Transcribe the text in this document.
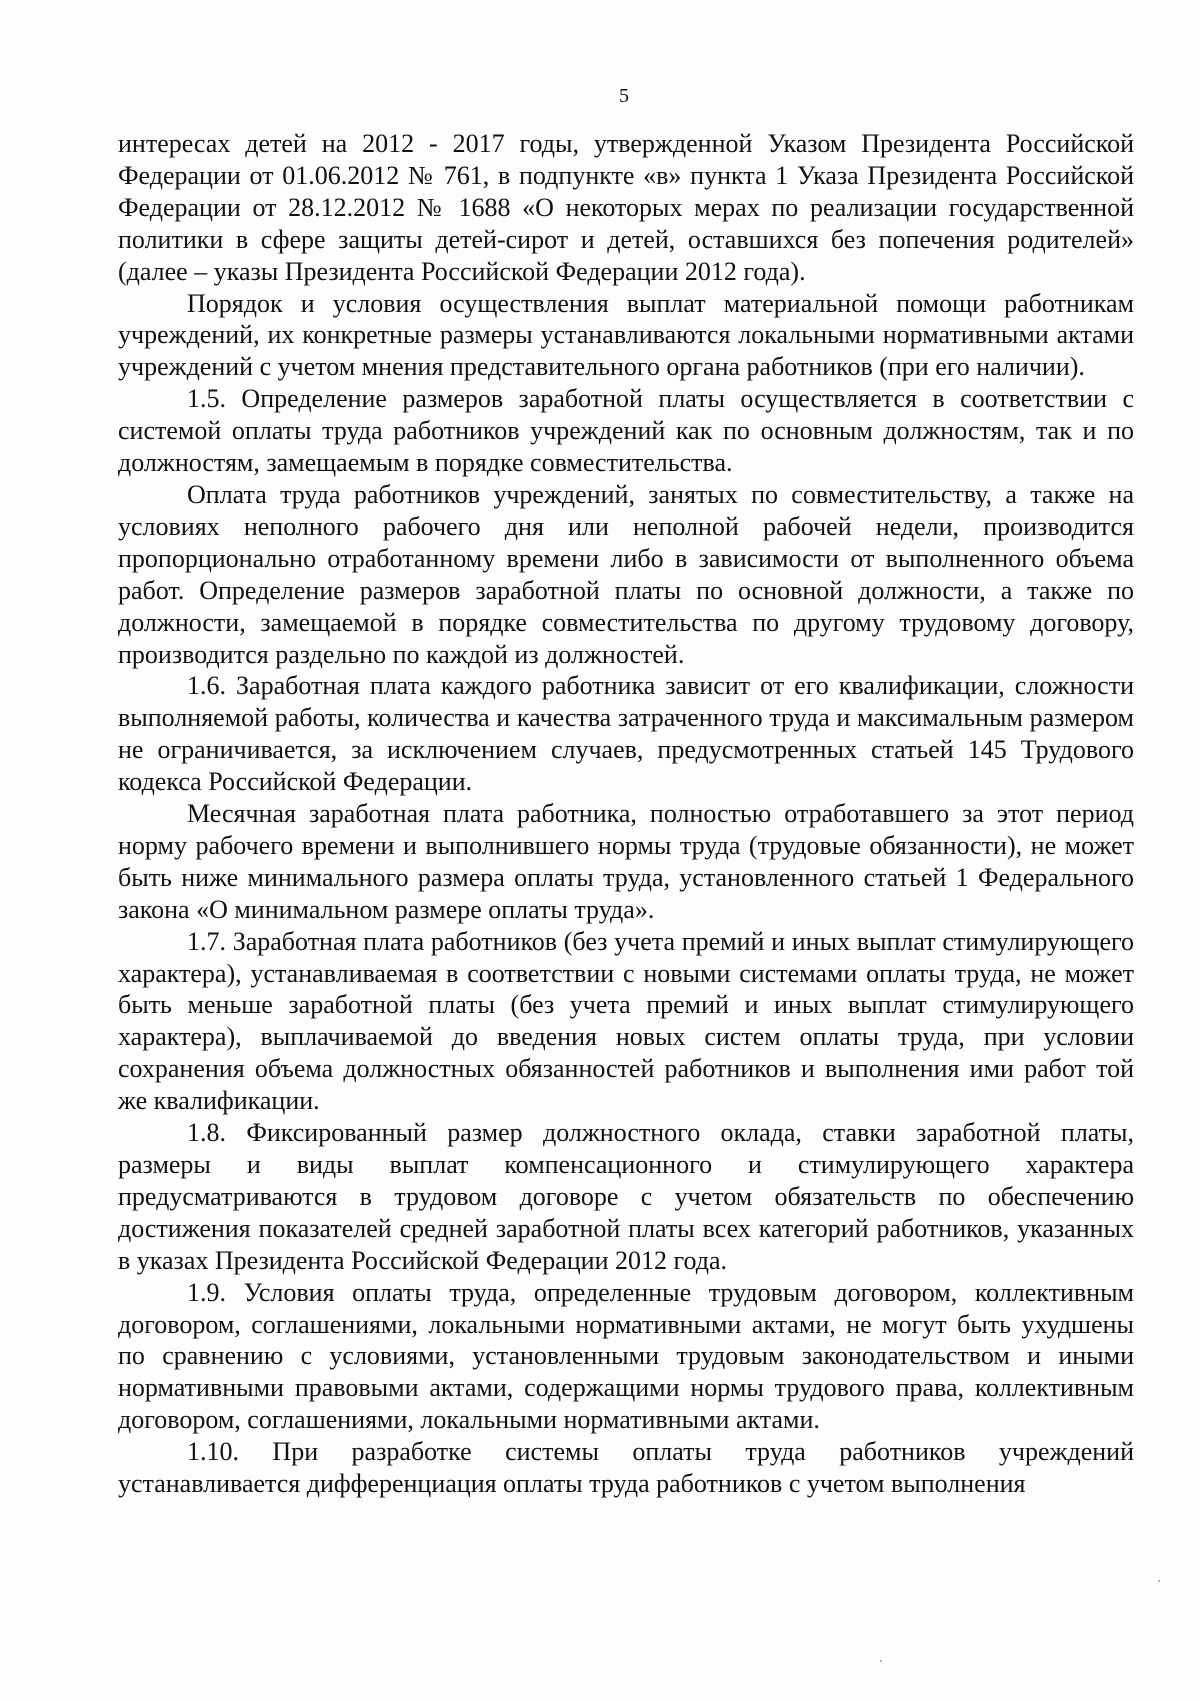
5

интересах детей на 2012 - 2017 годы, утвержденной Указом Президента Российской Федерации от 01.06.2012 № 761, в подпункте «в» пункта 1 Указа Президента Российской Федерации от 28.12.2012 № 1688 «О некоторых мерах по реализации государственной политики в сфере защиты детей-сирот и детей, оставшихся без попечения родителей» (далее – указы Президента Российской Федерации 2012 года).

Порядок и условия осуществления выплат материальной помощи работникам учреждений, их конкретные размеры устанавливаются локальными нормативными актами учреждений с учетом мнения представительного органа работников (при его наличии).

1.5. Определение размеров заработной платы осуществляется в соответствии с системой оплаты труда работников учреждений как по основным должностям, так и по должностям, замещаемым в порядке совместительства.

Оплата труда работников учреждений, занятых по совместительству, а также на условиях неполного рабочего дня или неполной рабочей недели, производится пропорционально отработанному времени либо в зависимости от выполненного объема работ. Определение размеров заработной платы по основной должности, а также по должности, замещаемой в порядке совместительства по другому трудовому договору, производится раздельно по каждой из должностей.

1.6. Заработная плата каждого работника зависит от его квалификации, сложности выполняемой работы, количества и качества затраченного труда и максимальным размером не ограничивается, за исключением случаев, предусмотренных статьей 145 Трудового кодекса Российской Федерации.

Месячная заработная плата работника, полностью отработавшего за этот период норму рабочего времени и выполнившего нормы труда (трудовые обязанности), не может быть ниже минимального размера оплаты труда, установленного статьей 1 Федерального закона «О минимальном размере оплаты труда».

1.7. Заработная плата работников (без учета премий и иных выплат стимулирующего характера), устанавливаемая в соответствии с новыми системами оплаты труда, не может быть меньше заработной платы (без учета премий и иных выплат стимулирующего характера), выплачиваемой до введения новых систем оплаты труда, при условии сохранения объема должностных обязанностей работников и выполнения ими работ той же квалификации.

1.8. Фиксированный размер должностного оклада, ставки заработной платы, размеры и виды выплат компенсационного и стимулирующего характера предусматриваются в трудовом договоре с учетом обязательств по обеспечению достижения показателей средней заработной платы всех категорий работников, указанных в указах Президента Российской Федерации 2012 года.

1.9. Условия оплаты труда, определенные трудовым договором, коллективным договором, соглашениями, локальными нормативными актами, не могут быть ухудшены по сравнению с условиями, установленными трудовым законодательством и иными нормативными правовыми актами, содержащими нормы трудового права, коллективным договором, соглашениями, локальными нормативными актами.

1.10. При разработке системы оплаты труда работников учреждений устанавливается дифференциация оплаты труда работников с учетом выполнения
